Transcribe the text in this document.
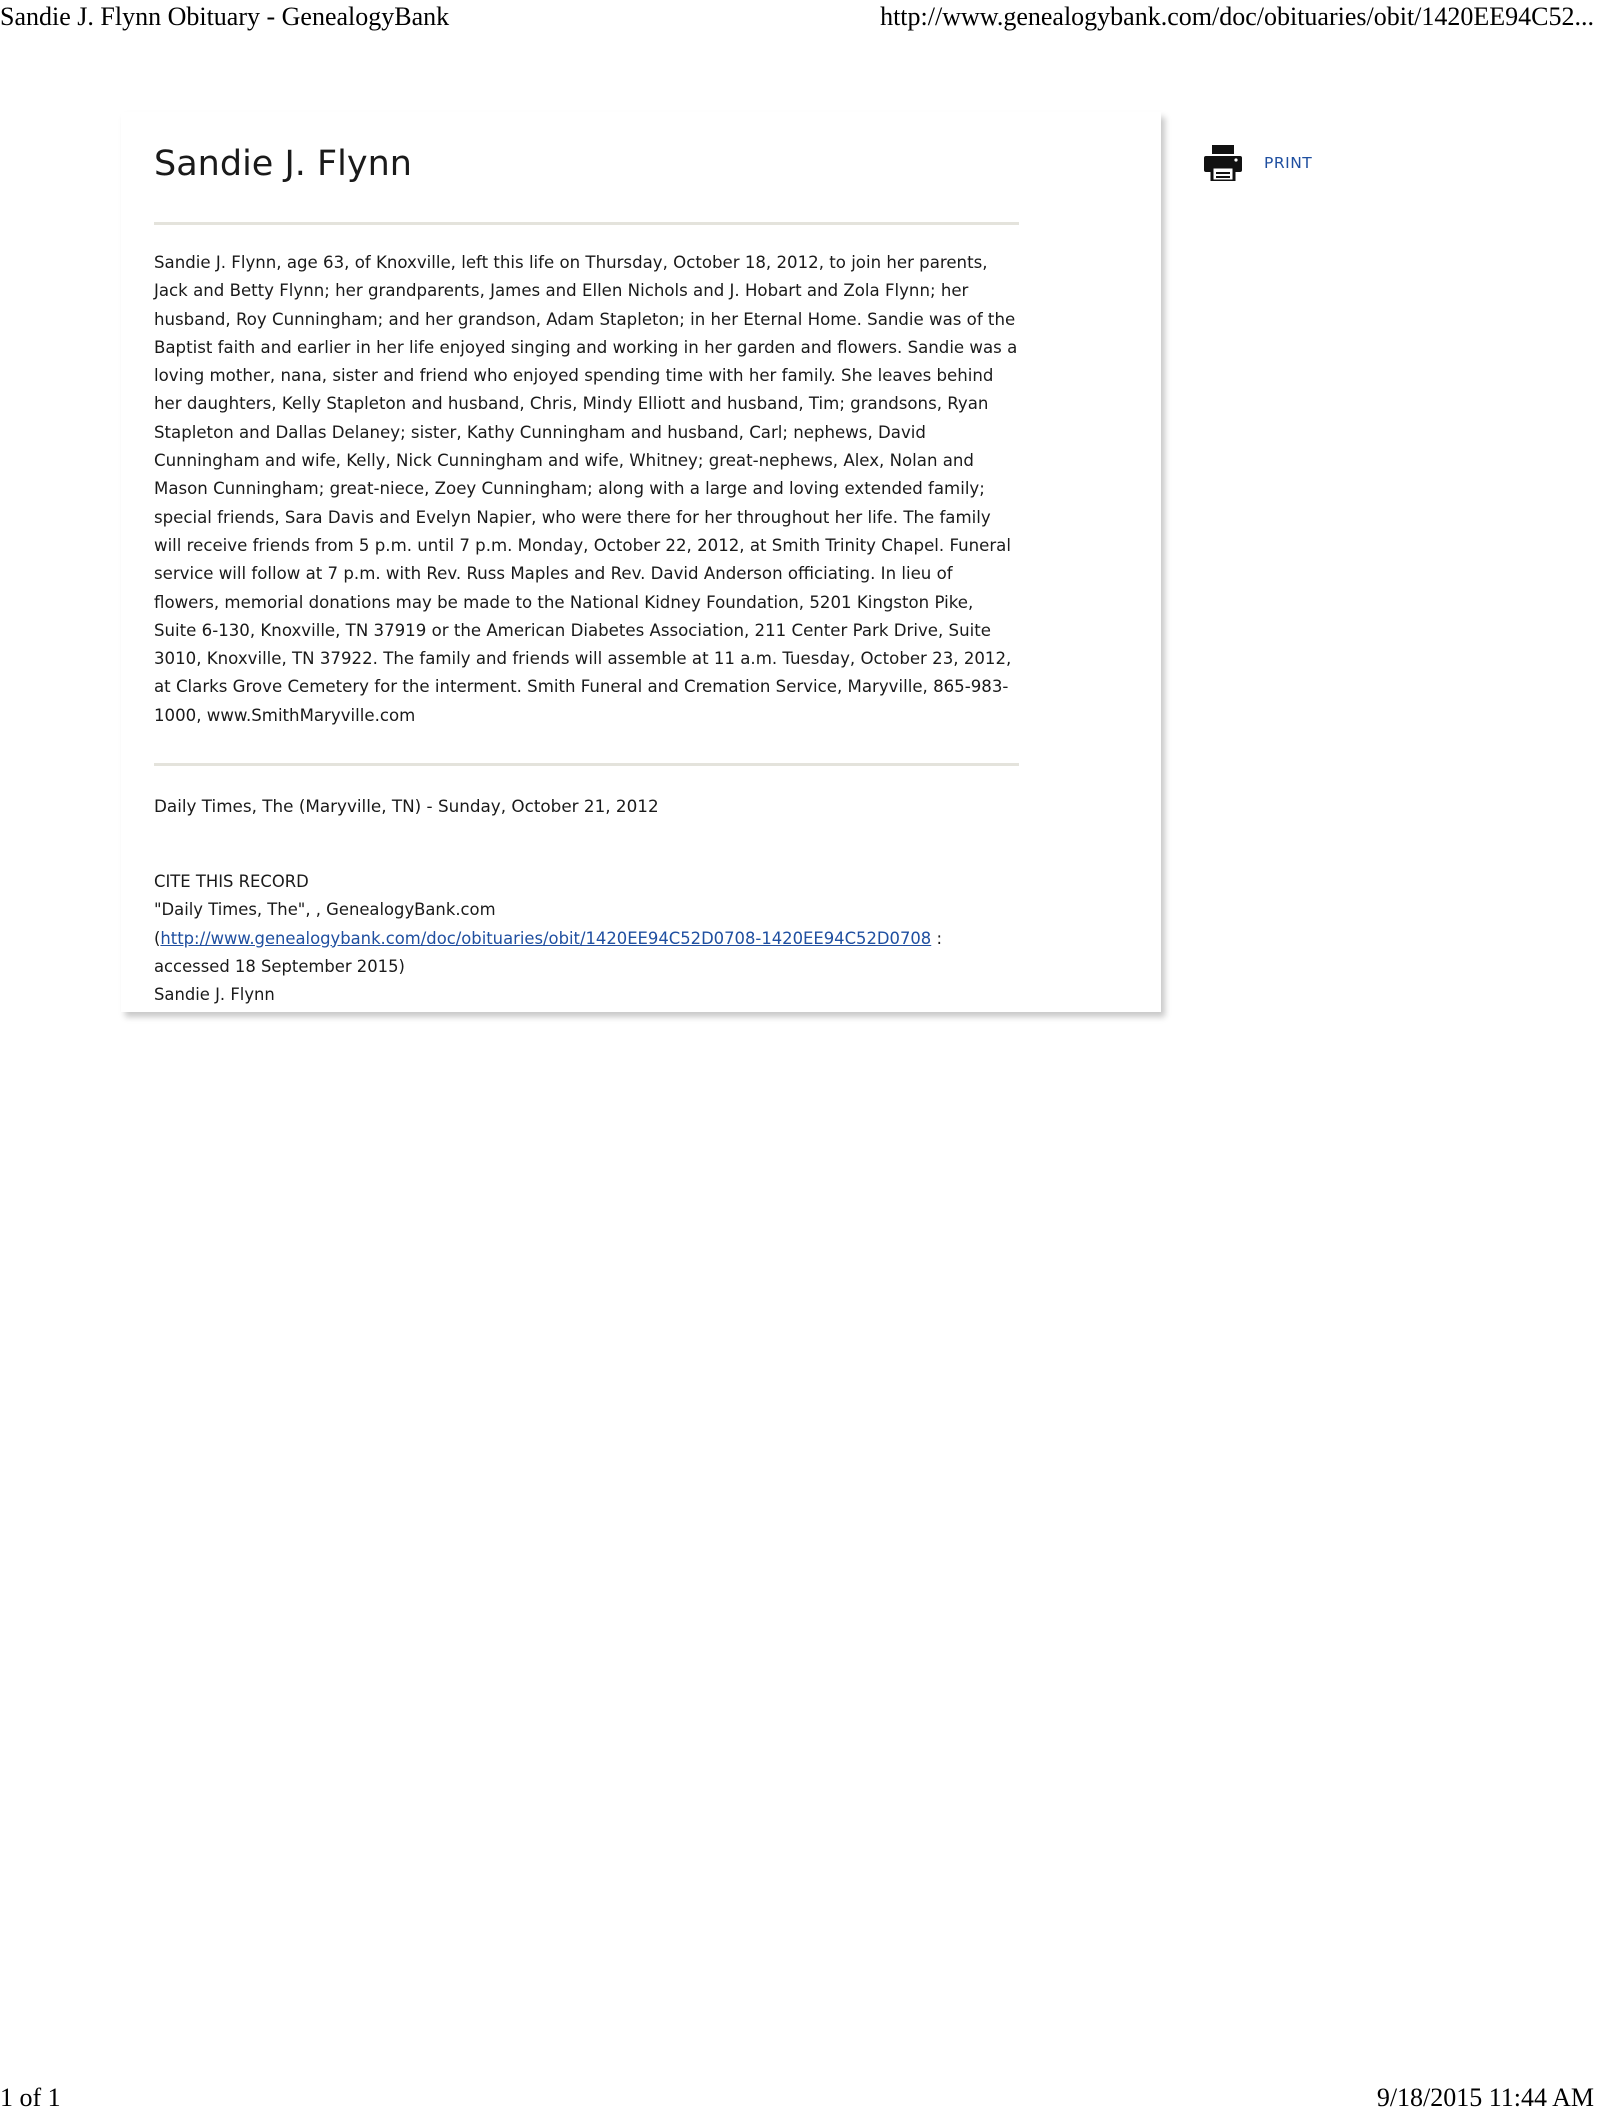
Sandie J. Flynn Obituary - GenealogyBank	http://www.genealogybank.com/doc/obituaries/obit/1420EE94C52...
Sandie J. Flynn

Sandie J. Flynn, age 63, of Knoxville, left this life on Thursday, October 18, 2012, to join her parents, Jack and Betty Flynn; her grandparents, James and Ellen Nichols and J. Hobart and Zola Flynn; her husband, Roy Cunningham; and her grandson, Adam Stapleton; in her Eternal Home. Sandie was of the Baptist faith and earlier in her life enjoyed singing and working in her garden and flowers. Sandie was a loving mother, nana, sister and friend who enjoyed spending time with her family. She leaves behind her daughters, Kelly Stapleton and husband, Chris, Mindy Elliott and husband, Tim; grandsons, Ryan Stapleton and Dallas Delaney; sister, Kathy Cunningham and husband, Carl; nephews, David Cunningham and wife, Kelly, Nick Cunningham and wife, Whitney; great-nephews, Alex, Nolan and Mason Cunningham; great-niece, Zoey Cunningham; along with a large and loving extended family; special friends, Sara Davis and Evelyn Napier, who were there for her throughout her life. The family will receive friends from 5 p.m. until 7 p.m. Monday, October 22, 2012, at Smith Trinity Chapel. Funeral service will follow at 7 p.m. with Rev. Russ Maples and Rev. David Anderson officiating. In lieu of flowers, memorial donations may be made to the National Kidney Foundation, 5201 Kingston Pike, Suite 6-130, Knoxville, TN 37919 or the American Diabetes Association, 211 Center Park Drive, Suite 3010, Knoxville, TN 37922. The family and friends will assemble at 11 a.m. Tuesday, October 23, 2012, at Clarks Grove Cemetery for the interment. Smith Funeral and Cremation Service, Maryville, 865-983-1000, www.SmithMaryville.com

Daily Times, The (Maryville, TN) - Sunday, October 21, 2012
CITE THIS RECORD
"Daily Times, The", , GenealogyBank.com (http://www.genealogybank.com/doc/obituaries/obit/1420EE94C52D0708-1420EE94C52D0708 : accessed 18 September 2015)
Sandie J. Flynn
PRINT
1 of 1	9/18/2015 11:44 AM
